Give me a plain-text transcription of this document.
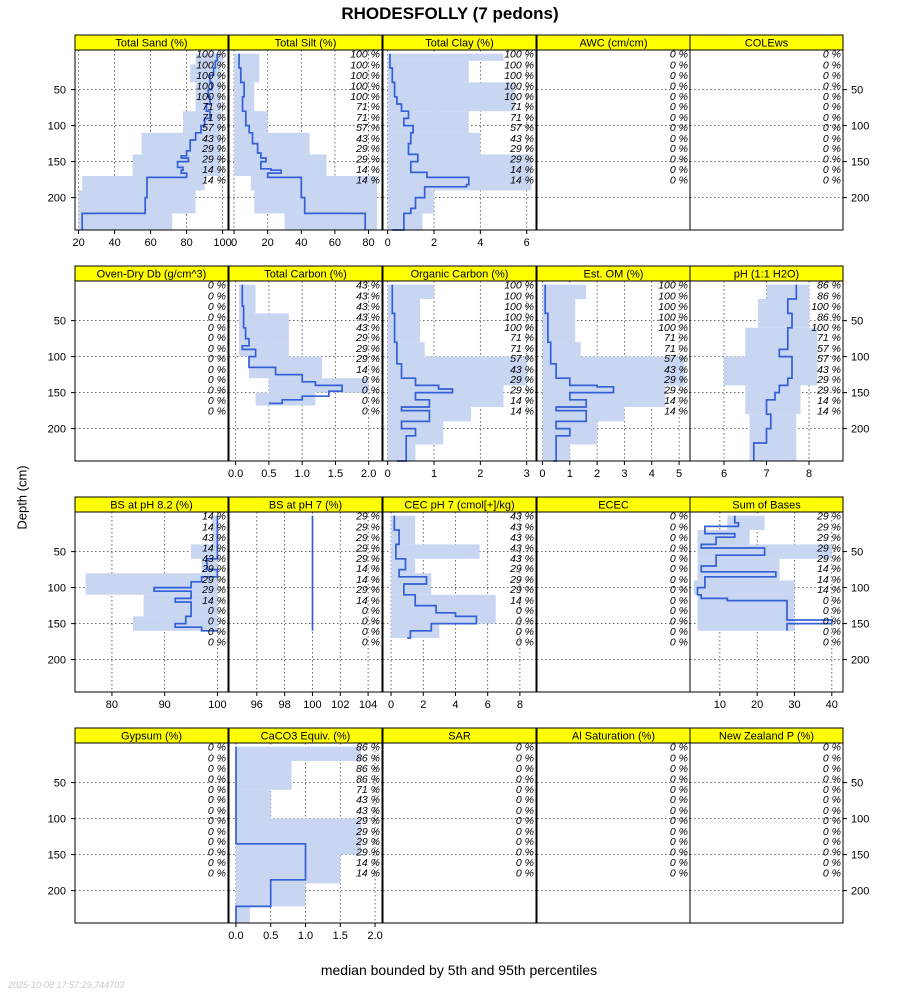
RHODESFOLLY (7 pedons)
Depth (cm)
Total Sand (%)
100 %
100 %
100 %
100 %
100 %
71 %
71 %
57 %
43 %
29 %
29 %
14 %
14 %
20 40 60 80 100
50
100
150
200
Total Silt (%)
100 %
100 %
100 %
100 %
100 %
71 %
71 %
57 %
43 %
29 %
29 %
14 %
14 %
0 20 40 60 80
Total Clay (%)
100 %
100 %
100 %
100 %
100 %
71 %
71 %
57 %
43 %
29 %
29 %
14 %
14 %
0	2	4	6
AWC (cm/cm)
0 %
0 %
0 %
0 %
0 %
0 %
0 %
0 %
0 %
0 %
0 %
0 %
0 %
COLEws
0 %
0 %
0 %
0 %
0 %
0 %
0 %
0 %
0 %
0 %
0 %
0 %
0 %
50
100
150
200
Oven-Dry Db (g/cm^3)
0 %
0 %
0 %
0 %
0 %
0 %
0 %
0 %
0 %
0 %
0 %
0 %
0 %
50
100
150
200
Total Carbon (%)
43 %
43 %
43 %
43 %
43 %
29 %
29 %
29 %
14 %
0 %
0 %
0 %
0 %
0.0 0.5 1.0 1.5 2.0
Organic Carbon (%)
100 %
100 %
100 %
100 %
100 %
71 %
71 %
57 %
43 %
29 %
29 %
14 %
14 %
0	1	2	3
Est. OM (%)
100 %
100 %
100 %
100 %
100 %
71 %
71 %
57 %
43 %
29 %
29 %
14 %
14 %
0 1 2 3 4 5
pH (1:1 H2O)
86 %
86 %
100 %
86 %
100 %
71 %
57 %
57 %
43 %
29 %
29 %
14 %
14 %
6	7	8
50
100
150
200
BS at pH 8.2 (%)
14 %
14 %
43 %
14 %
43 %
29 %
29 %
29 %
14 %
0 %
0 %
0 %
0 %
80	90	100
50
100
150
200
BS at pH 7 (%)
29 %
29 %
29 %
29 %
29 %
14 %
14 %
29 %
14 %
0 %
0 %
0 %
0 %
96 98 100 102 104
CEC pH 7 (cmol[+]/kg)
43 %
43 %
43 %
43 %
43 %
29 %
29 %
29 %
14 %
0 %
0 %
0 %
0 %
0 2 4 6 8
ECEC
0 %
0 %
0 %
0 %
0 %
0 %
0 %
0 %
0 %
0 %
0 %
0 %
0 %
Sum of Bases
29 %
29 %
29 %
29 %
29 %
14 %
14 %
14 %
0 %
0 %
0 %
0 %
0 %
10 20 30 40
50
100
150
200
Gypsum (%)
0 %
0 %
0 %
0 %
0 %
0 %
0 %
0 %
0 %
0 %
0 %
0 %
0 %
50
100
150
200
CaCO3 Equiv. (%)
86 %
86 %
86 %
86 %
71 %
43 %
43 %
29 %
29 %
29 %
29 %
14 %
14 %
0.0 0.5 1.0 1.5 2.0
SAR
0 %
0 %
0 %
0 %
0 %
0 %
0 %
0 %
0 %
0 %
0 %
0 %
0 %
Al Saturation (%)
0 %
0 %
0 %
0 %
0 %
0 %
0 %
0 %
0 %
0 %
0 %
0 %
0 %
New Zealand P (%)
0 %
0 %
0 %
0 %
0 %
0 %
0 %
0 %
0 %
0 %
0 %
0 %
0 %
50
100
150
200
median bounded by 5th and 95th percentiles
2025-10-08 17:57:29.744703
